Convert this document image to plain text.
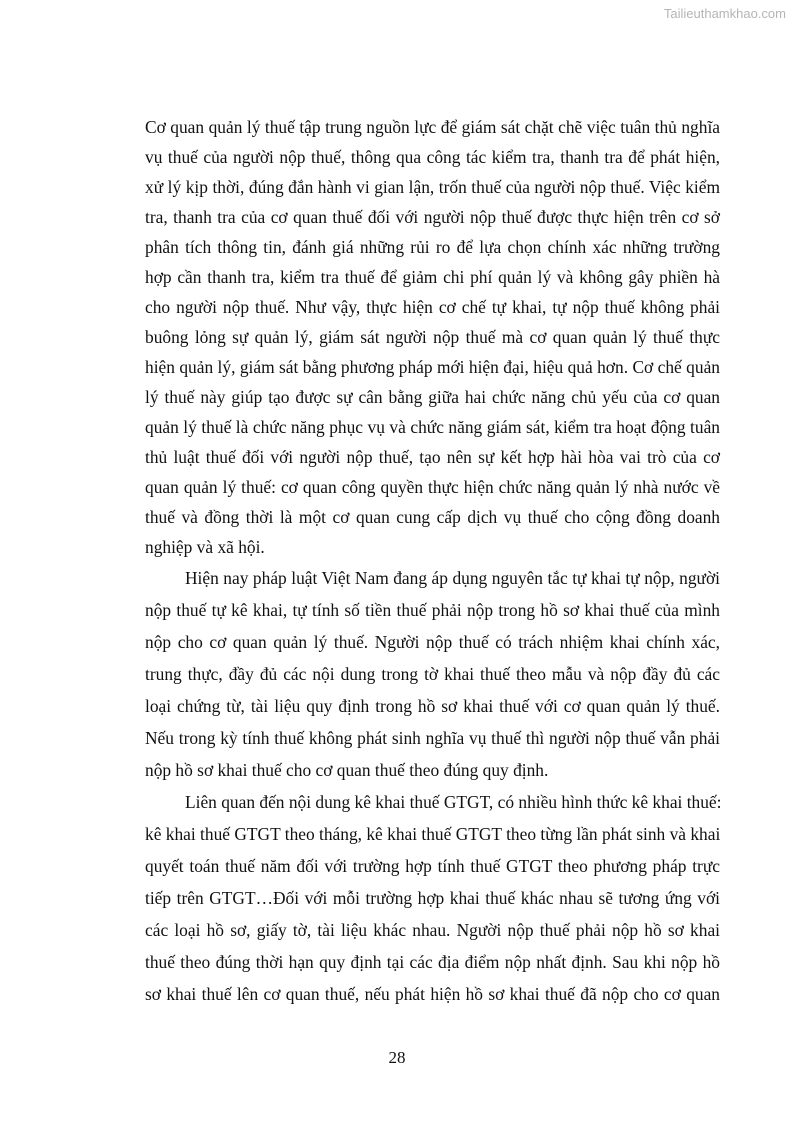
Tailieuthamkhao.com
Cơ quan quản lý thuế tập trung nguồn lực để giám sát chặt chẽ việc tuân thủ nghĩa
vụ thuế của người nộp thuế, thông qua công tác kiểm tra, thanh tra để phát hiện,
xử lý kịp thời, đúng đắn hành vi gian lận, trốn thuế của người nộp thuế. Việc kiểm
tra, thanh tra của cơ quan thuế đối với người nộp thuế được thực hiện trên cơ sở
phân tích thông tin, đánh giá những rủi ro để lựa chọn chính xác những trường
hợp cần thanh tra, kiểm tra thuế để giảm chi phí quản lý và không gây phiền hà
cho người nộp thuế. Như vậy, thực hiện cơ chế tự khai, tự nộp thuế không phải
buông lỏng sự quản lý, giám sát người nộp thuế mà cơ quan quản lý thuế thực
hiện quản lý, giám sát bằng phương pháp mới hiện đại, hiệu quả hơn. Cơ chế quản
lý thuế này giúp tạo được sự cân bằng giữa hai chức năng chủ yếu của cơ quan
quản lý thuế là chức năng phục vụ và chức năng giám sát, kiểm tra hoạt động tuân
thủ luật thuế đối với người nộp thuế, tạo nên sự kết hợp hài hòa vai trò của cơ
quan quản lý thuế: cơ quan công quyền thực hiện chức năng quản lý nhà nước về
thuế và đồng thời là một cơ quan cung cấp dịch vụ thuế cho cộng đồng doanh
nghiệp và xã hội.
Hiện nay pháp luật Việt Nam đang áp dụng nguyên tắc tự khai tự nộp, người
nộp thuế tự kê khai, tự tính số tiền thuế phải nộp trong hồ sơ khai thuế của mình
nộp cho cơ quan quản lý thuế. Người nộp thuế có trách nhiệm khai chính xác,
trung thực, đầy đủ các nội dung trong tờ khai thuế theo mẫu và nộp đầy đủ các
loại chứng từ, tài liệu quy định trong hồ sơ khai thuế với cơ quan quản lý thuế.
Nếu trong kỳ tính thuế không phát sinh nghĩa vụ thuế thì người nộp thuế vẫn phải
nộp hồ sơ khai thuế cho cơ quan thuế theo đúng quy định.
Liên quan đến nội dung kê khai thuế GTGT, có nhiều hình thức kê khai thuế:
kê khai thuế GTGT theo tháng, kê khai thuế GTGT theo từng lần phát sinh và khai
quyết toán thuế năm đối với trường hợp tính thuế GTGT theo phương pháp trực
tiếp trên GTGT…Đối với mỗi trường hợp khai thuế khác nhau sẽ tương ứng với
các loại hồ sơ, giấy tờ, tài liệu khác nhau. Người nộp thuế phải nộp hồ sơ khai
thuế theo đúng thời hạn quy định tại các địa điểm nộp nhất định. Sau khi nộp hồ
sơ khai thuế lên cơ quan thuế, nếu phát hiện hồ sơ khai thuế đã nộp cho cơ quan
28
